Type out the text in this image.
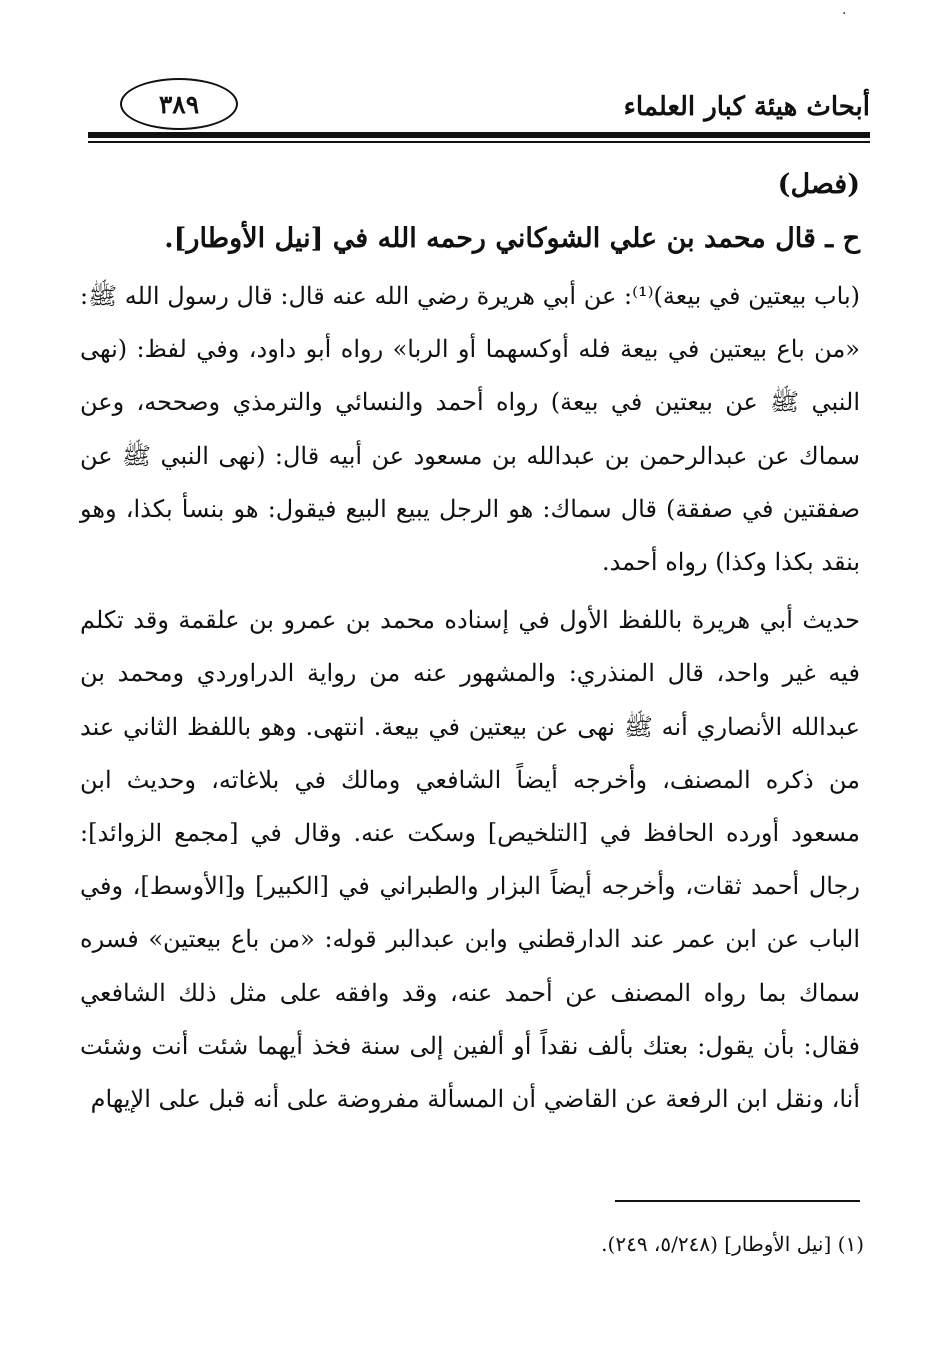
·
٣٨٩	أبحاث هيئة كبار العلماء
(فصل)
ح ـ قال محمد بن علي الشوكاني رحمه الله في [نيل الأوطار].

(باب بيعتين في بيعة)⁽¹⁾: عن أبي هريرة رضي الله عنه قال: قال رسول الله ﷺ: «من باع بيعتين في بيعة فله أوكسهما أو الربا» رواه أبو داود، وفي لفظ: (نهى النبي ﷺ عن بيعتين في بيعة) رواه أحمد والنسائي والترمذي وصححه، وعن سماك عن عبدالرحمن بن عبدالله بن مسعود عن أبيه قال: (نهى النبي ﷺ عن صفقتين في صفقة) قال سماك: هو الرجل يبيع البيع فيقول: هو بنسأ بكذا، وهو بنقد بكذا وكذا) رواه أحمد.

حديث أبي هريرة باللفظ الأول في إسناده محمد بن عمرو بن علقمة وقد تكلم فيه غير واحد، قال المنذري: والمشهور عنه من رواية الدراوردي ومحمد بن عبدالله الأنصاري أنه ﷺ نهى عن بيعتين في بيعة. انتهى. وهو باللفظ الثاني عند من ذكره المصنف، وأخرجه أيضاً الشافعي ومالك في بلاغاته، وحديث ابن مسعود أورده الحافظ في [التلخيص] وسكت عنه. وقال في [مجمع الزوائد]: رجال أحمد ثقات، وأخرجه أيضاً البزار والطبراني في [الكبير] و[الأوسط]، وفي الباب عن ابن عمر عند الدارقطني وابن عبدالبر قوله: «من باع بيعتين» فسره سماك بما رواه المصنف عن أحمد عنه، وقد وافقه على مثل ذلك الشافعي فقال: بأن يقول: بعتك بألف نقداً أو ألفين إلى سنة فخذ أيهما شئت أنت وشئت أنا، ونقل ابن الرفعة عن القاضي أن المسألة مفروضة على أنه قبل على الإيهام

(١) [نيل الأوطار] (٥/٢٤٨، ٢٤٩).
